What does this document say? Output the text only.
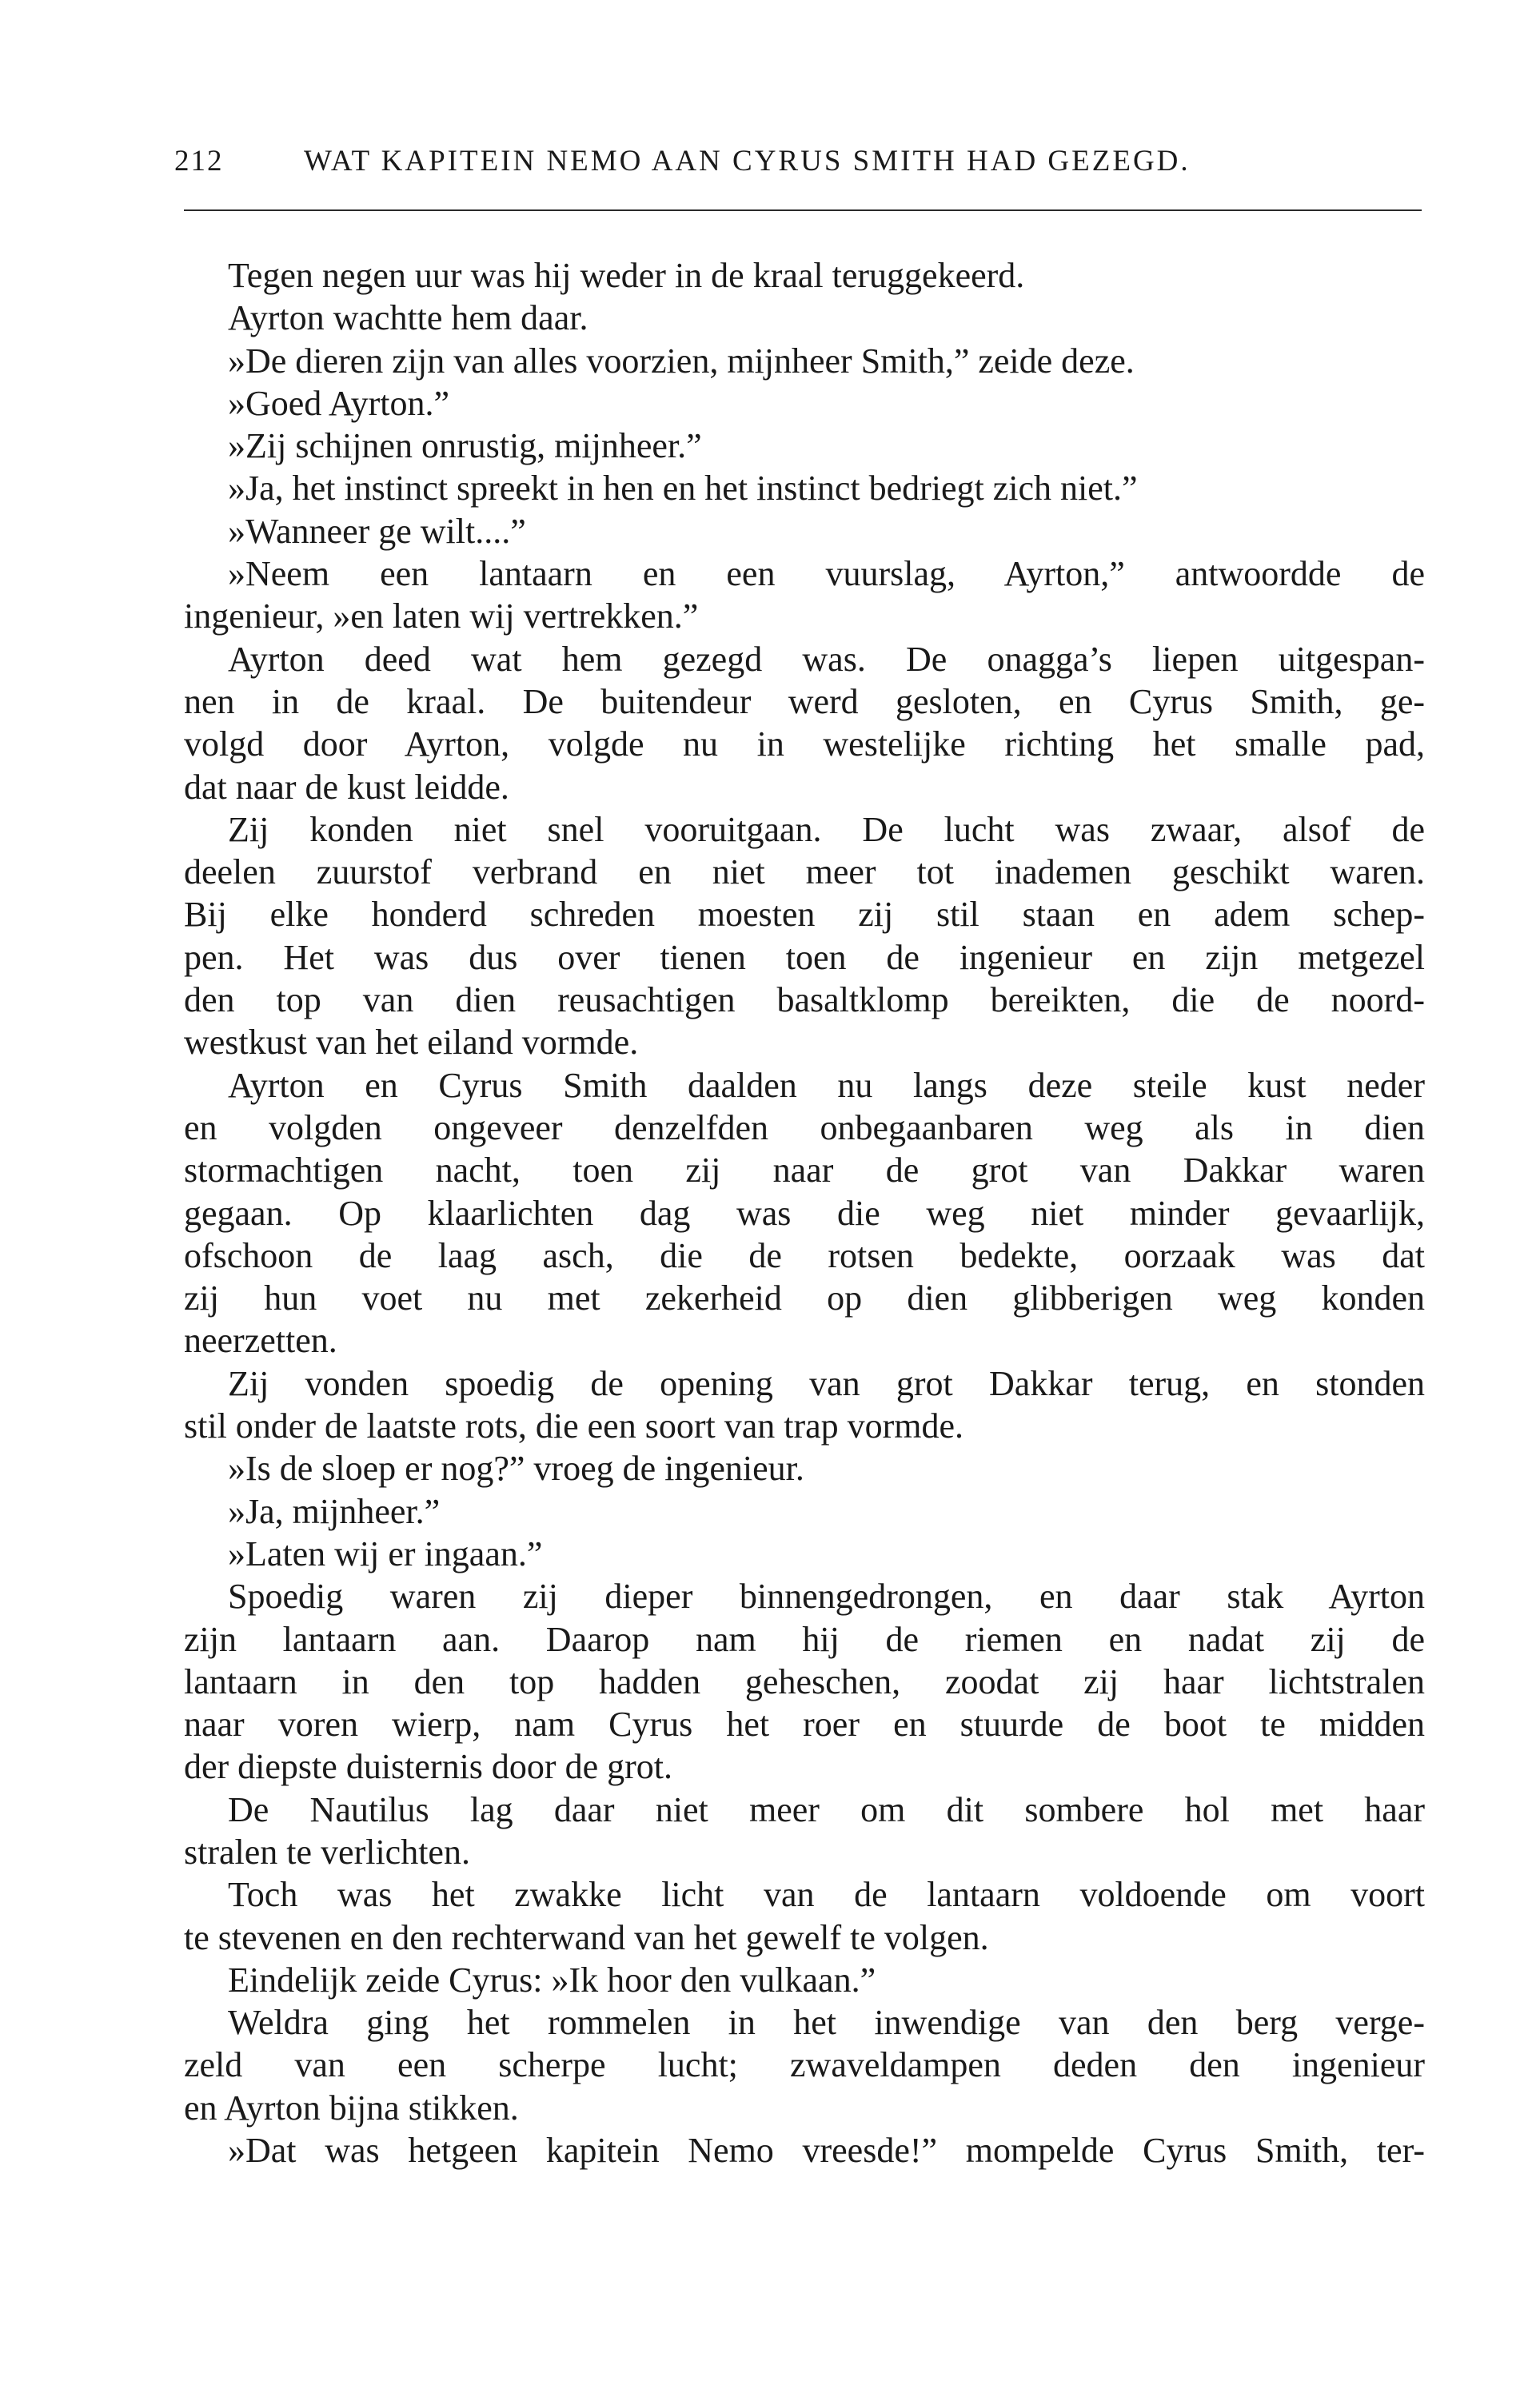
212	WAT KAPITEIN NEMO AAN CYRUS SMITH HAD GEZEGD.
Tegen negen uur was hij weder in de kraal teruggekeerd.
Ayrton wachtte hem daar.
»De dieren zijn van alles voorzien, mijnheer Smith,” zeide deze.
»Goed Ayrton.”
»Zij schijnen onrustig, mijnheer.”
»Ja, het instinct spreekt in hen en het instinct bedriegt zich niet.”
»Wanneer ge wilt....”
»Neem een lantaarn en een vuurslag, Ayrton,” antwoordde de
ingenieur, »en laten wij vertrekken.”
Ayrton deed wat hem gezegd was. De onagga’s liepen uitgespan-
nen in de kraal. De buitendeur werd gesloten, en Cyrus Smith, ge-
volgd door Ayrton, volgde nu in westelijke richting het smalle pad,
dat naar de kust leidde.
Zij konden niet snel vooruitgaan. De lucht was zwaar, alsof de
deelen zuurstof verbrand en niet meer tot inademen geschikt waren.
Bij elke honderd schreden moesten zij stil staan en adem schep-
pen. Het was dus over tienen toen de ingenieur en zijn metgezel
den top van dien reusachtigen basaltklomp bereikten, die de noord-
westkust van het eiland vormde.
Ayrton en Cyrus Smith daalden nu langs deze steile kust neder
en volgden ongeveer denzelfden onbegaanbaren weg als in dien
stormachtigen nacht, toen zij naar de grot van Dakkar waren
gegaan. Op klaarlichten dag was die weg niet minder gevaarlijk,
ofschoon de laag asch, die de rotsen bedekte, oorzaak was dat
zij hun voet nu met zekerheid op dien glibberigen weg konden
neerzetten.
Zij vonden spoedig de opening van grot Dakkar terug, en stonden
stil onder de laatste rots, die een soort van trap vormde.
»Is de sloep er nog?” vroeg de ingenieur.
»Ja, mijnheer.”
»Laten wij er ingaan.”
Spoedig waren zij dieper binnengedrongen, en daar stak Ayrton
zijn lantaarn aan. Daarop nam hij de riemen en nadat zij de
lantaarn in den top hadden geheschen, zoodat zij haar lichtstralen
naar voren wierp, nam Cyrus het roer en stuurde de boot te midden
der diepste duisternis door de grot.
De Nautilus lag daar niet meer om dit sombere hol met haar
stralen te verlichten.
Toch was het zwakke licht van de lantaarn voldoende om voort
te stevenen en den rechterwand van het gewelf te volgen.
Eindelijk zeide Cyrus: »Ik hoor den vulkaan.”
Weldra ging het rommelen in het inwendige van den berg verge-
zeld van een scherpe lucht; zwaveldampen deden den ingenieur
en Ayrton bijna stikken.
»Dat was hetgeen kapitein Nemo vreesde!” mompelde Cyrus Smith, ter-
